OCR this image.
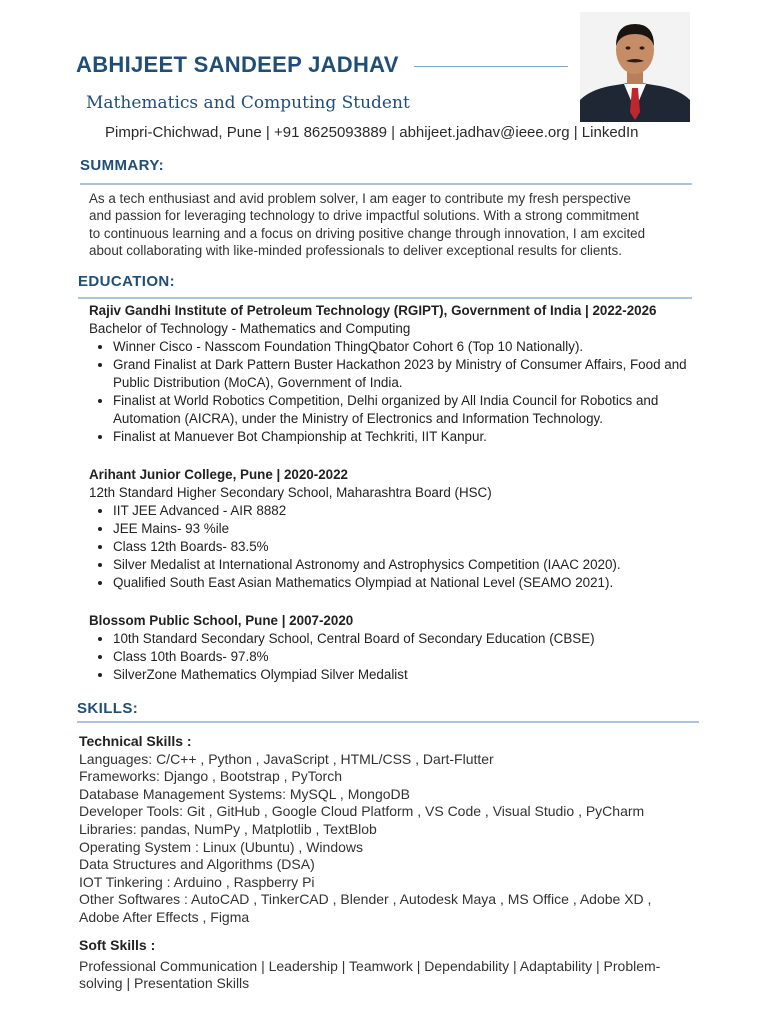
ABHIJEET SANDEEP JADHAV
Mathematics and Computing Student
Pimpri-Chichwad, Pune | +91 8625093889 | abhijeet.jadhav@ieee.org | LinkedIn
SUMMARY:
As a tech enthusiast and avid problem solver, I am eager to contribute my fresh perspective
and passion for leveraging technology to drive impactful solutions. With a strong commitment
to continuous learning and a focus on driving positive change through innovation, I am excited
about collaborating with like-minded professionals to deliver exceptional results for clients.
EDUCATION:
Rajiv Gandhi Institute of Petroleum Technology (RGIPT), Government of India | 2022-2026
Bachelor of Technology - Mathematics and Computing
• Winner Cisco - Nasscom Foundation ThingQbator Cohort 6 (Top 10 Nationally).
• Grand Finalist at Dark Pattern Buster Hackathon 2023 by Ministry of Consumer Affairs, Food and Public Distribution (MoCA), Government of India.
• Finalist at World Robotics Competition, Delhi organized by All India Council for Robotics and Automation (AICRA), under the Ministry of Electronics and Information Technology.
• Finalist at Manuever Bot Championship at Techkriti, IIT Kanpur.
Arihant Junior College, Pune | 2020-2022
12th Standard Higher Secondary School, Maharashtra Board (HSC)
• IIT JEE Advanced - AIR 8882
• JEE Mains- 93 %ile
• Class 12th Boards- 83.5%
• Silver Medalist at International Astronomy and Astrophysics Competition (IAAC 2020).
• Qualified South East Asian Mathematics Olympiad at National Level (SEAMO 2021).
Blossom Public School, Pune | 2007-2020
• 10th Standard Secondary School, Central Board of Secondary Education (CBSE)
• Class 10th Boards- 97.8%
• SilverZone Mathematics Olympiad Silver Medalist
SKILLS:
Technical Skills :
Languages: C/C++ , Python , JavaScript , HTML/CSS , Dart-Flutter
Frameworks: Django , Bootstrap , PyTorch
Database Management Systems: MySQL , MongoDB
Developer Tools: Git , GitHub , Google Cloud Platform , VS Code , Visual Studio , PyCharm
Libraries: pandas, NumPy , Matplotlib , TextBlob
Operating System : Linux (Ubuntu) , Windows
Data Structures and Algorithms (DSA)
IOT Tinkering : Arduino , Raspberry Pi
Other Softwares : AutoCAD , TinkerCAD , Blender , Autodesk Maya , MS Office , Adobe XD ,
Adobe After Effects , Figma
Soft Skills :
Professional Communication | Leadership | Teamwork | Dependability | Adaptability | Problem-
solving | Presentation Skills
